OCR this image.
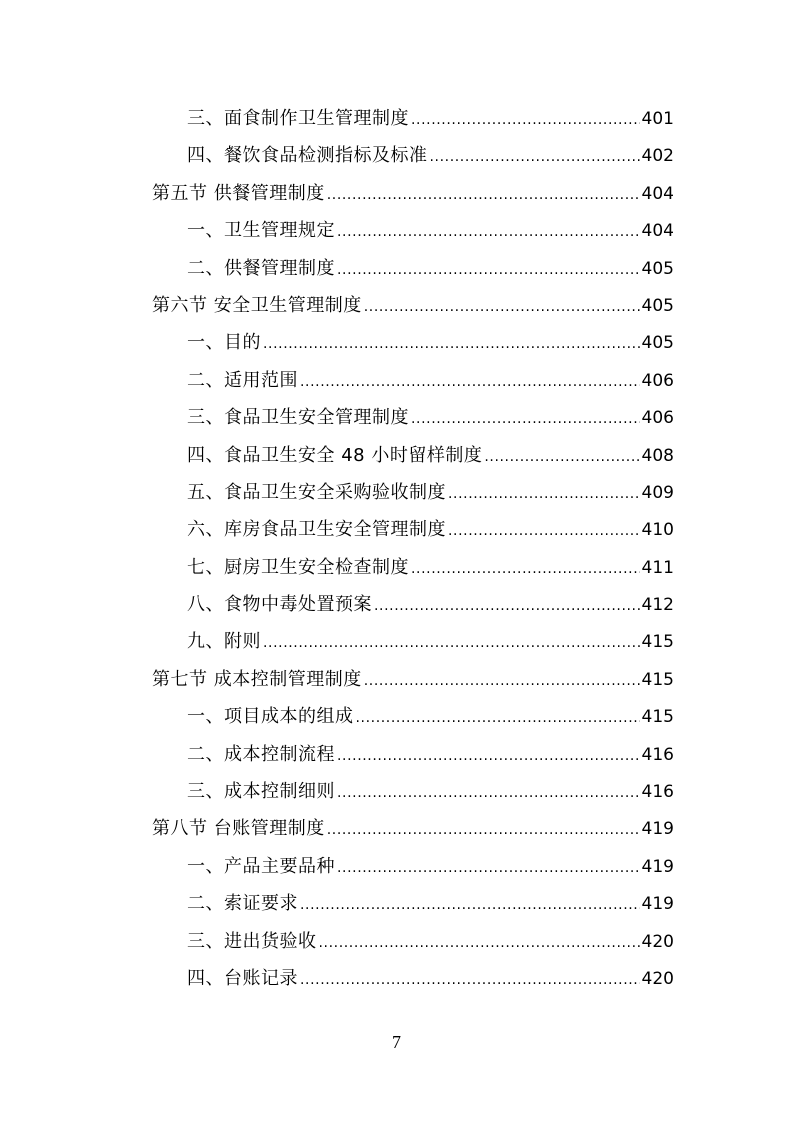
三、面食制作卫生管理制度 .....	401
四、餐饮食品检测指标及标准 .....	402
第五节 供餐管理制度 .....	404
一、卫生管理规定 .....	404
二、供餐管理制度 .....	405
第六节 安全卫生管理制度 .....	405
一、目的 .....	405
二、适用范围 .....	406
三、食品卫生安全管理制度 .....	406
四、食品卫生安全 48 小时留样制度 .....	408
五、食品卫生安全采购验收制度 .....	409
六、库房食品卫生安全管理制度 .....	410
七、厨房卫生安全检查制度 .....	411
八、食物中毒处置预案 .....	412
九、附则 .....	415
第七节 成本控制管理制度 .....	415
一、项目成本的组成 .....	415
二、成本控制流程 .....	416
三、成本控制细则 .....	416
第八节 台账管理制度 .....	419
一、产品主要品种 .....	419
二、索证要求 .....	419
三、进出货验收 .....	420
四、台账记录 .....	420
7
